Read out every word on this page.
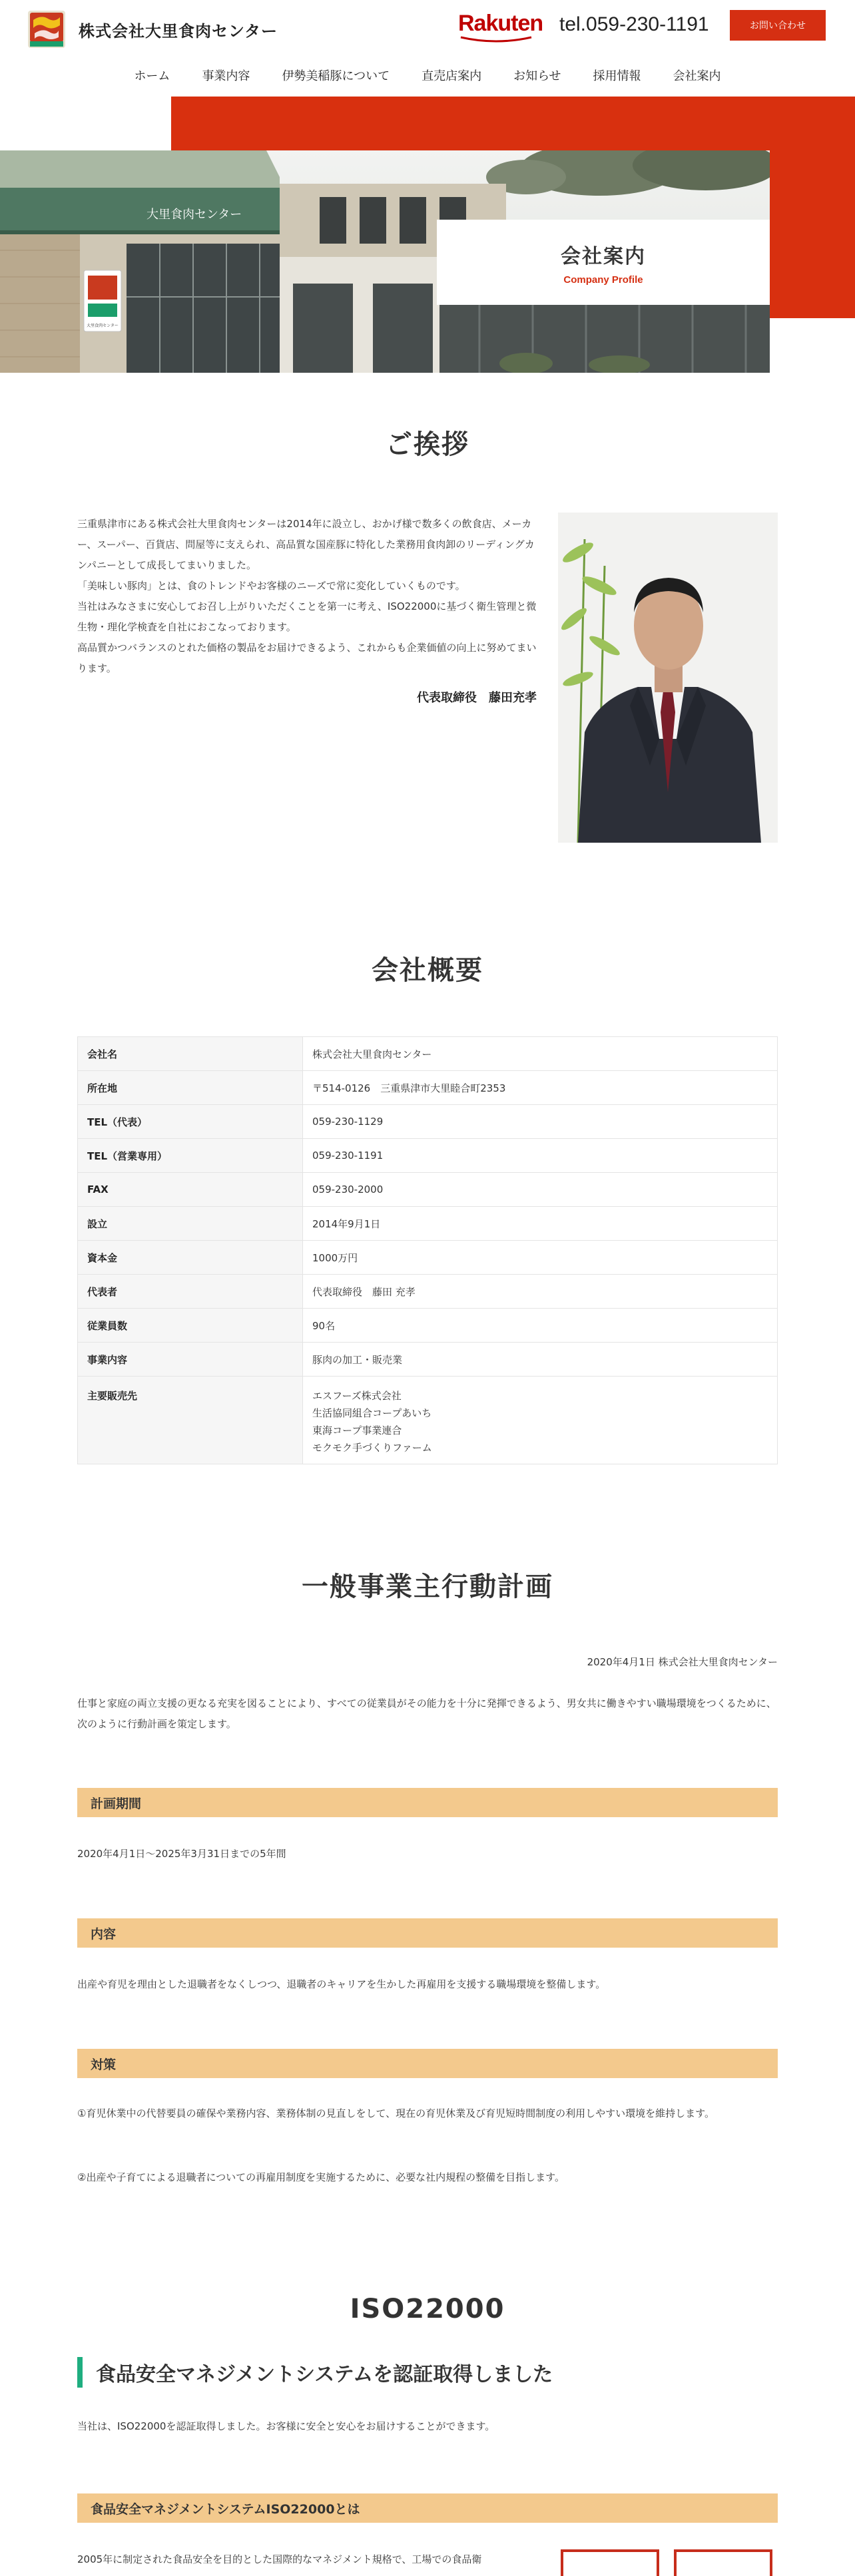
株式会社大里食肉センター	Rakuten tel.059-230-1191	お問い合わせ
ホーム	事業内容	伊勢美稲豚について	直売店案内	お知らせ	採用情報	会社案内
大里食肉センター
大里食肉センター
会社案内
Company Profile
ご挨拶

三重県津市にある株式会社大里食肉センターは2014年に設立し、おかげ様で数多くの飲食店、メーカー、スーパー、百貨店、問屋等に支えられ、高品質な国産豚に特化した業務用食肉卸のリーディングカンパニーとして成長してまいりました。

「美味しい豚肉」とは、食のトレンドやお客様のニーズで常に変化していくものです。

当社はみなさまに安心してお召し上がりいただくことを第一に考え、ISO22000に基づく衛生管理と微生物・理化学検査を自社におこなっております。

高品質かつバランスのとれた価格の製品をお届けできるよう、これからも企業価値の向上に努めてまいります。

代表取締役　藤田充孝
会社概要
会社名	株式会社大里食肉センター
所在地	〒514-0126　三重県津市大里睦合町2353
TEL（代表）	059-230-1129
TEL（営業専用）	059-230-1191
FAX	059-230-2000
設立	2014年9月1日
資本金	1000万円
代表者	代表取締役　藤田 充孝
従業員数	90名
事業内容	豚肉の加工・販売業
主要販売先	エスフーズ株式会社
生活協同組合コープあいち
東海コープ事業連合
モクモク手づくりファーム
一般事業主行動計画
2020年4月1日 株式会社大里食肉センター
仕事と家庭の両立支援の更なる充実を図ることにより、すべての従業員がその能力を十分に発揮できるよう、男女共に働きやすい職場環境をつくるために、次のように行動計画を策定します。
計画期間
2020年4月1日～2025年3月31日までの5年間
内容
出産や育児を理由とした退職者をなくしつつ、退職者のキャリアを生かした再雇用を支援する職場環境を整備します。
対策
①育児休業中の代替要員の確保や業務内容、業務体制の見直しをして、現在の育児休業及び育児短時間制度の利用しやすい環境を維持します。
②出産や子育てによる退職者についての再雇用制度を実施するために、必要な社内規程の整備を目指します。
ISO22000
食品安全マネジメントシステムを認証取得しました
当社は、ISO22000を認証取得しました。お客様に安全と安心をお届けすることができます。
食品安全マネジメントシステムISO22000とは
2005年に制定された食品安全を目的とした国際的なマネジメント規格で、工場での食品衛
